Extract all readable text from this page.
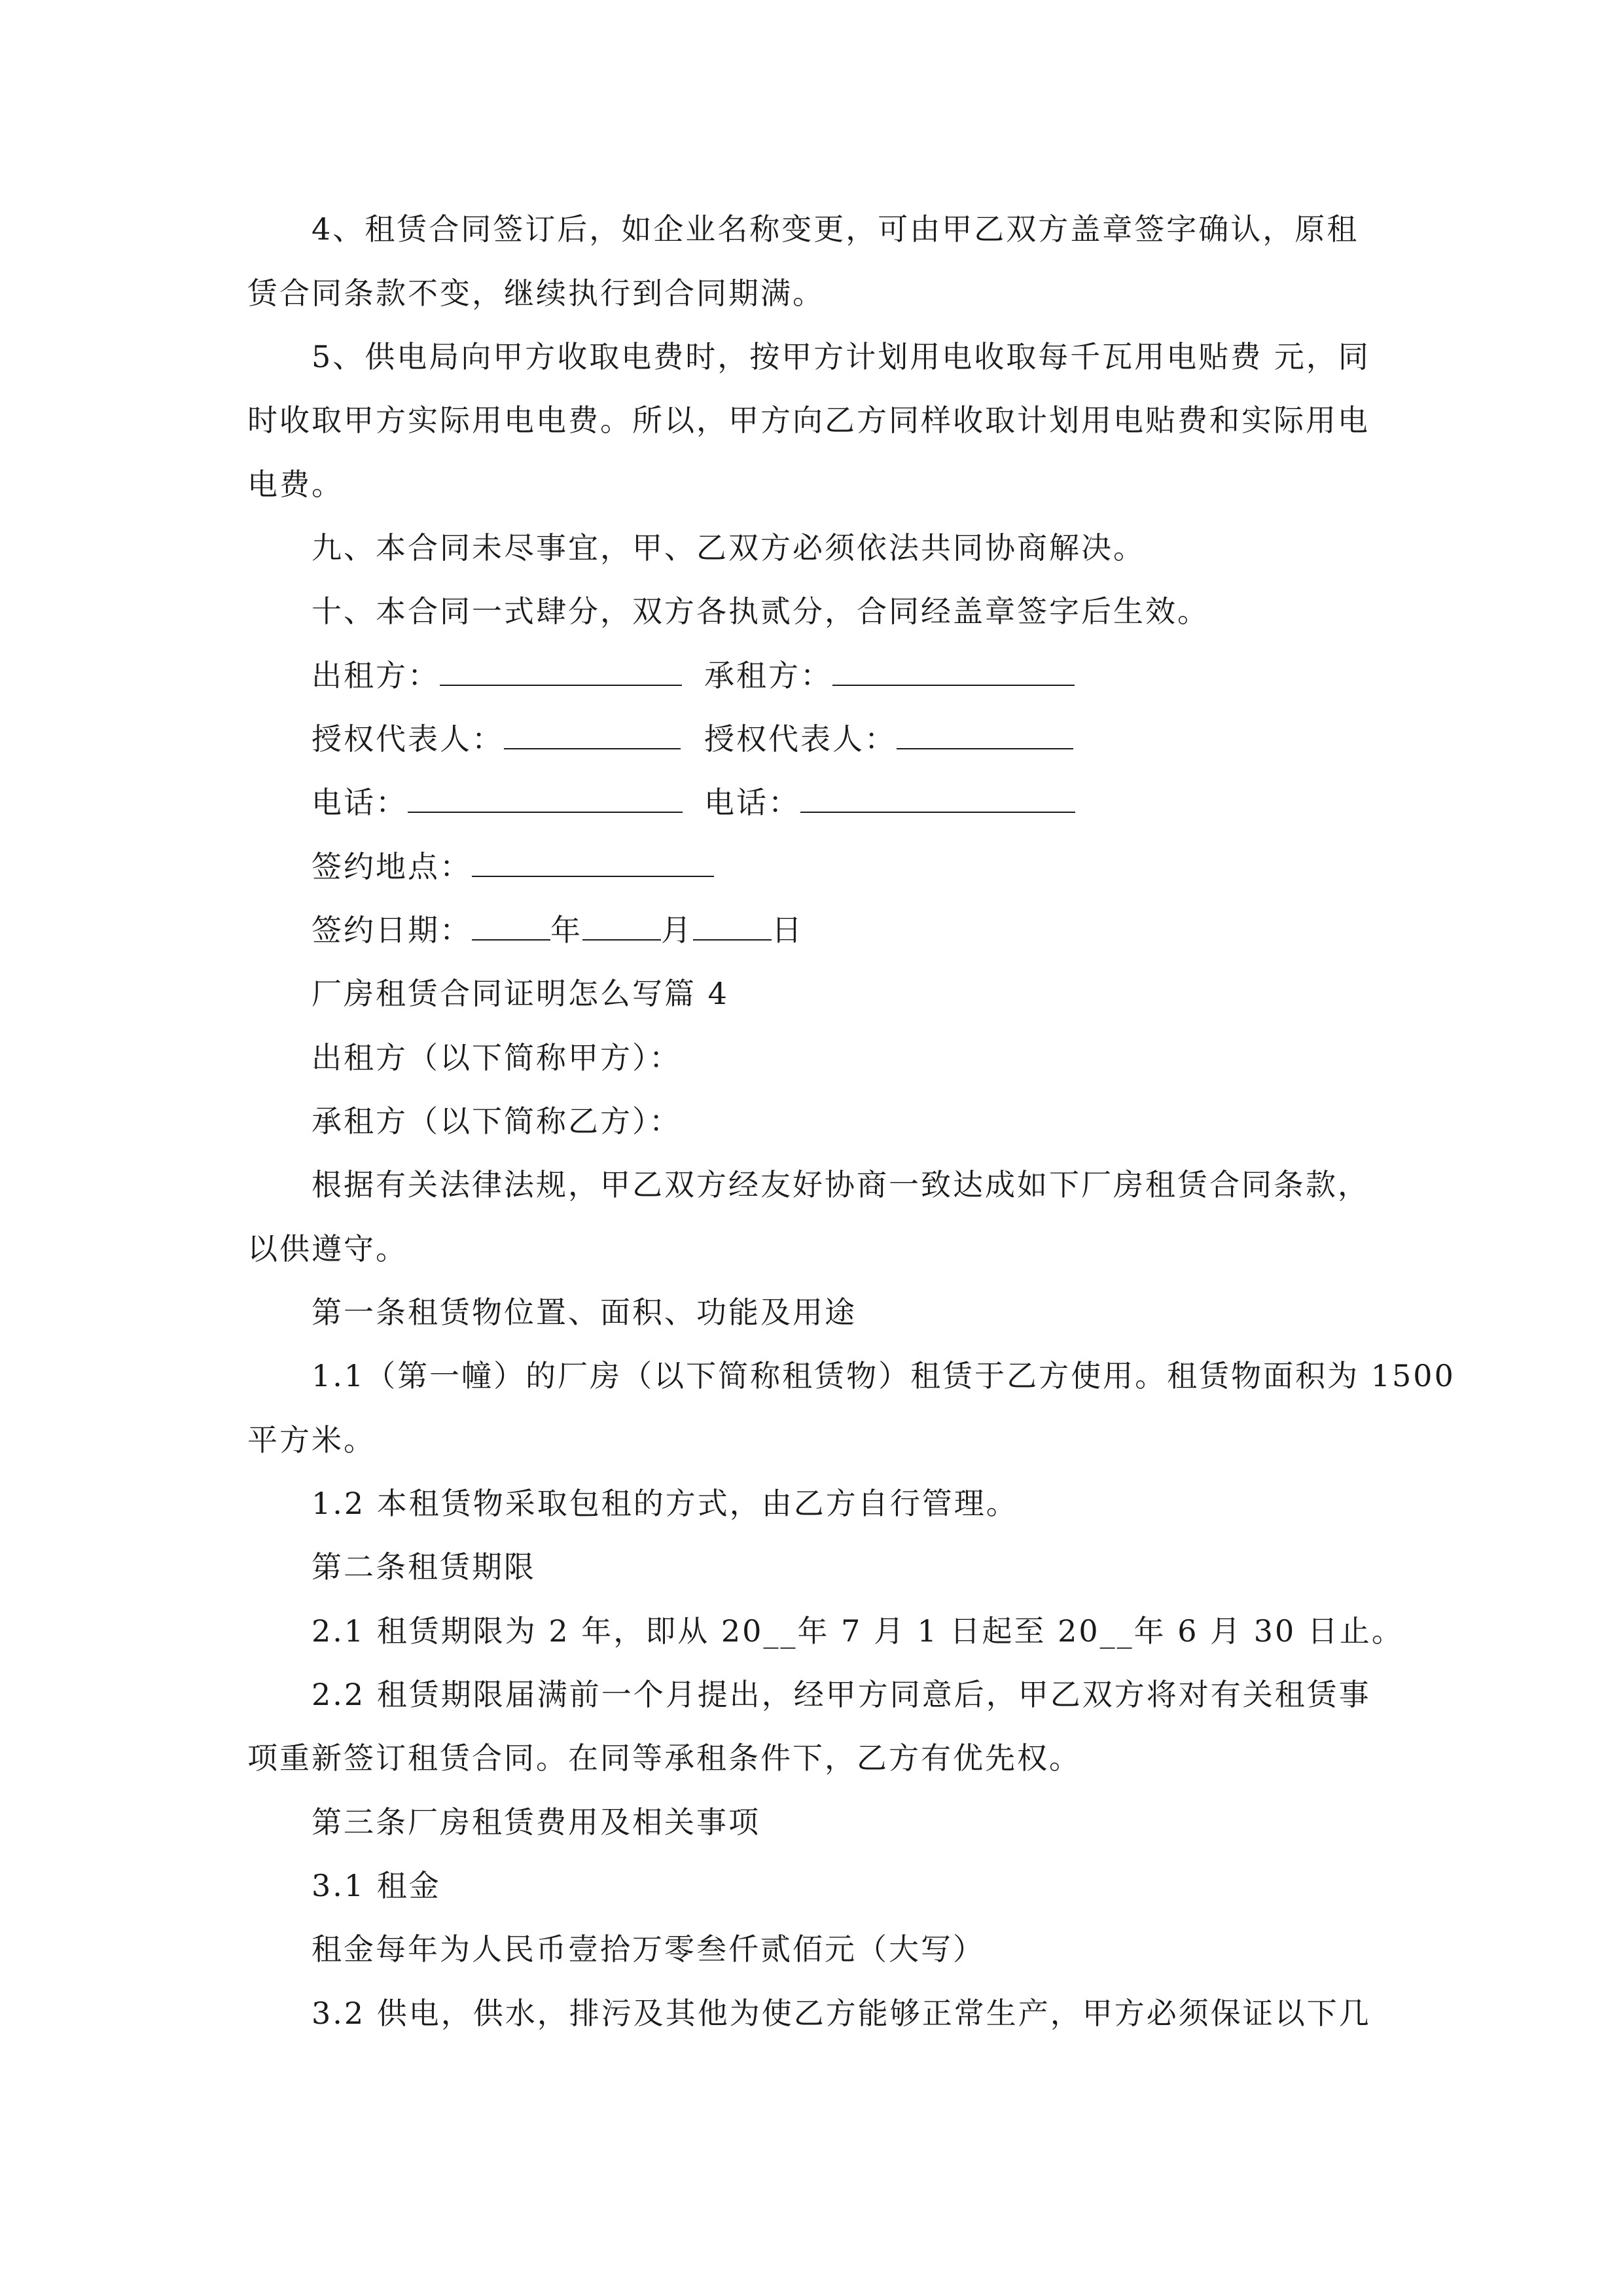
4、租赁合同签订后，如企业名称变更，可由甲乙双方盖章签字确认，原租
赁合同条款不变，继续执行到合同期满。
5、供电局向甲方收取电费时，按甲方计划用电收取每千瓦用电贴费 元，同
时收取甲方实际用电电费。所以，甲方向乙方同样收取计划用电贴费和实际用电
电费。
九、本合同未尽事宜，甲、乙双方必须依法共同协商解决。
十、本合同一式肆分，双方各执贰分，合同经盖章签字后生效。
出租方：	承租方：
授权代表人：	授权代表人：
电话：	电话：
签约地点：
签约日期：	年	月	日
厂房租赁合同证明怎么写篇 4
出租方（以下简称甲方）：
承租方（以下简称乙方）：
根据有关法律法规，甲乙双方经友好协商一致达成如下厂房租赁合同条款，
以供遵守。
第一条租赁物位置、面积、功能及用途
1.1（第一幢）的厂房（以下简称租赁物）租赁于乙方使用。租赁物面积为 1500
平方米。
1.2 本租赁物采取包租的方式，由乙方自行管理。
第二条租赁期限
2.1 租赁期限为 2 年，即从 20__年 7 月 1 日起至 20__年 6 月 30 日止。
2.2 租赁期限届满前一个月提出，经甲方同意后，甲乙双方将对有关租赁事
项重新签订租赁合同。在同等承租条件下，乙方有优先权。
第三条厂房租赁费用及相关事项
3.1 租金
租金每年为人民币壹拾万零叁仟贰佰元（大写）
3.2 供电，供水，排污及其他为使乙方能够正常生产，甲方必须保证以下几
